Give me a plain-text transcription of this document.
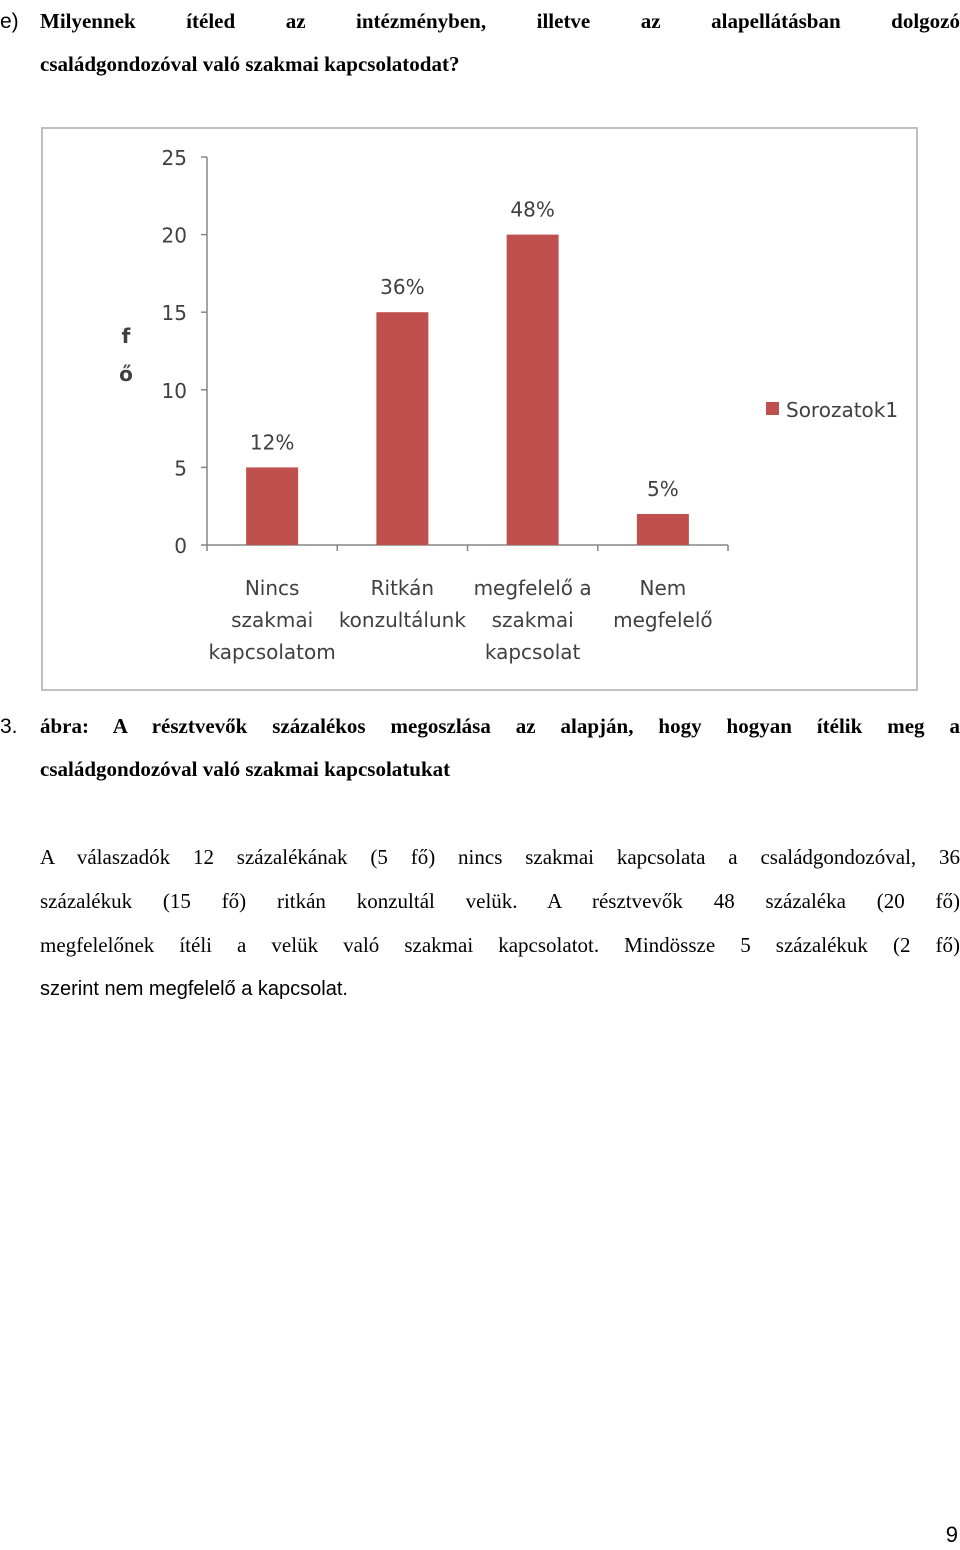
e)	Milyennek ítéled az intézményben, illetve az alapellátásban dolgozó
családgondozóval való szakmai kapcsolatodat?
0
5
10
15
20
25
f
ő
12%
Nincs
szakmai
kapcsolatom
36%
Ritkán
konzultálunk
48%
megfelelő a
szakmai
kapcsolat
5%
Nem
megfelelő
Sorozatok1
3.	ábra: A résztvevők százalékos megoszlása az alapján, hogy hogyan ítélik meg a
családgondozóval való szakmai kapcsolatukat
A válaszadók 12 százalékának (5 fő) nincs szakmai kapcsolata a családgondozóval, 36
százalékuk (15 fő) ritkán konzultál velük. A résztvevők 48 százaléka (20 fő)
megfelelőnek ítéli a velük való szakmai kapcsolatot. Mindössze 5 százalékuk (2 fő)
szerint nem megfelelő a kapcsolat.
9
